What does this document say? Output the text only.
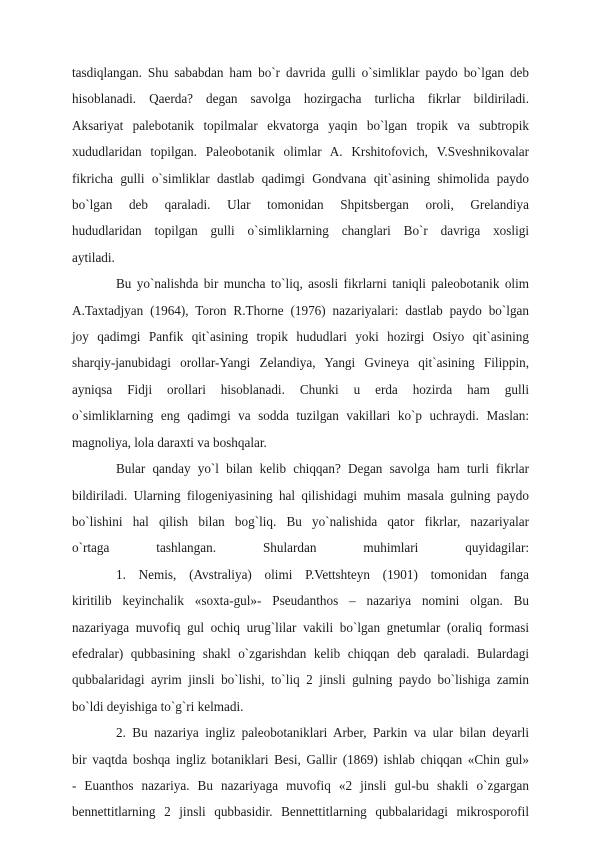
tasdiqlangan. Shu sababdan ham bo`r davrida gulli o`simliklar paydo bo`lgan deb
hisoblanadi. Qaerda? degan savolga hozirgacha turlicha fikrlar bildiriladi.
Aksariyat palebotanik topilmalar ekvatorga yaqin bo`lgan tropik va subtropik
xududlaridan topilgan. Paleobotanik olimlar A. Krshitofovich, V.Sveshnikovalar
fikricha gulli o`simliklar dastlab qadimgi Gondvana qit`asining shimolida paydo
bo`lgan deb qaraladi. Ular tomonidan Shpitsbergan oroli, Grelandiya
hududlaridan topilgan gulli o`simliklarning changlari Bo`r davriga xosligi
aytiladi.
Bu yo`nalishda bir muncha to`liq, asosli fikrlarni taniqli paleobotanik olim
A.Taxtadjyan (1964), Toron R.Thorne (1976) nazariyalari: dastlab paydo bo`lgan
joy qadimgi Panfik qit`asining tropik hududlari yoki hozirgi Osiyo qit`asining
sharqiy-janubidagi orollar-Yangi Zelandiya, Yangi Gvineya qit`asining Filippin,
ayniqsa Fidji orollari hisoblanadi. Chunki u erda hozirda ham gulli
o`simliklarning eng qadimgi va sodda tuzilgan vakillari ko`p uchraydi. Maslan:
magnoliya, lola daraxti va boshqalar.
Bular qanday yo`l bilan kelib chiqqan? Degan savolga ham turli fikrlar
bildiriladi. Ularning filogeniyasining hal qilishidagi muhim masala gulning paydo
bo`lishini hal qilish bilan bog`liq. Bu yo`nalishida qator fikrlar, nazariyalar
o`rtaga tashlangan. Shulardan muhimlari quyidagilar:
1. Nemis, (Avstraliya) olimi P.Vettshteyn (1901) tomonidan fanga
kiritilib keyinchalik «soxta-gul»- Pseudanthos – nazariya nomini olgan. Bu
nazariyaga muvofiq gul ochiq urug`lilar vakili bo`lgan gnetumlar (oraliq formasi
efedralar) qubbasining shakl o`zgarishdan kelib chiqqan deb qaraladi. Bulardagi
qubbalaridagi ayrim jinsli bo`lishi, to`liq 2 jinsli gulning paydo bo`lishiga zamin
bo`ldi deyishiga to`g`ri kelmadi.
2. Bu nazariya ingliz paleobotaniklari Arber, Parkin va ular bilan deyarli
bir vaqtda boshqa ingliz botaniklari Besi, Gallir (1869) ishlab chiqqan «Chin gul»
- Euanthos nazariya. Bu nazariyaga muvofiq «2 jinsli gul-bu shakli o`zgargan
bennettitlarning 2 jinsli qubbasidir. Bennettitlarning qubbalaridagi mikrosporofil
